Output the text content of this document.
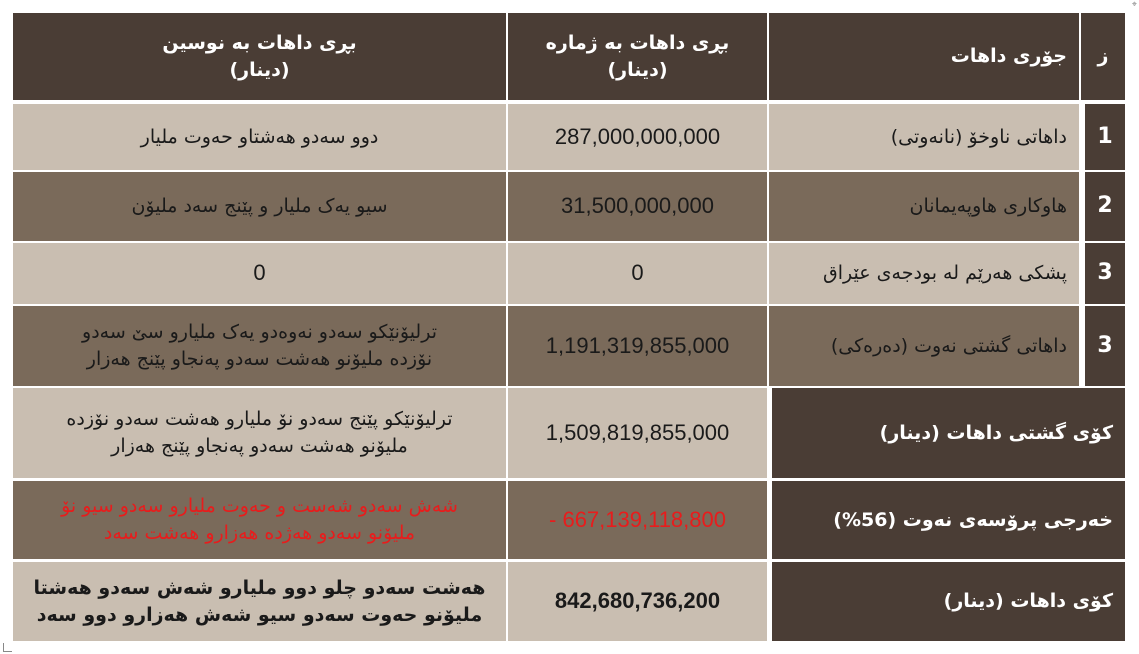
⌖
ز
جۆری داهات
بڕی داهات بە ژمارە
(دینار)
بڕی داهات بە نوسین
(دینار)
1
داهاتی ناوخۆ (نانەوتی)
287,000,000,000
دوو سەدو هەشتاو حەوت ملیار
2
هاوکاری هاوپەیمانان
31,500,000,000
سیو یەک ملیار و پێنج سەد ملیۆن
3
پشکی هەرێم لە بودجەی عێراق
0
0
3
داهاتی گشتی نەوت (دەرەکی)
1,191,319,855,000
ترلیۆنێکو سەدو نەوەدو یەک ملیارو سێ سەدو
نۆزدە ملیۆنو هەشت سەدو پەنجاو پێنج هەزار
کۆی گشتی داهات (دینار)
1,509,819,855,000
ترلیۆنێکو پێنج سەدو نۆ ملیارو هەشت سەدو نۆزدە
ملیۆنو هەشت سەدو پەنجاو پێنج هەزار
خەرجی پرۆسەی نەوت (56%)
- 667,139,118,800
شەش سەدو شەست و حەوت ملیارو سەدو سیو نۆ
ملیۆنو سەدو هەژدە هەزارو هەشت سەد
کۆی داهات (دینار)
842,680,736,200
هەشت سەدو چلو دوو ملیارو شەش سەدو هەشتا
ملیۆنو حەوت سەدو سیو شەش هەزارو دوو سەد
